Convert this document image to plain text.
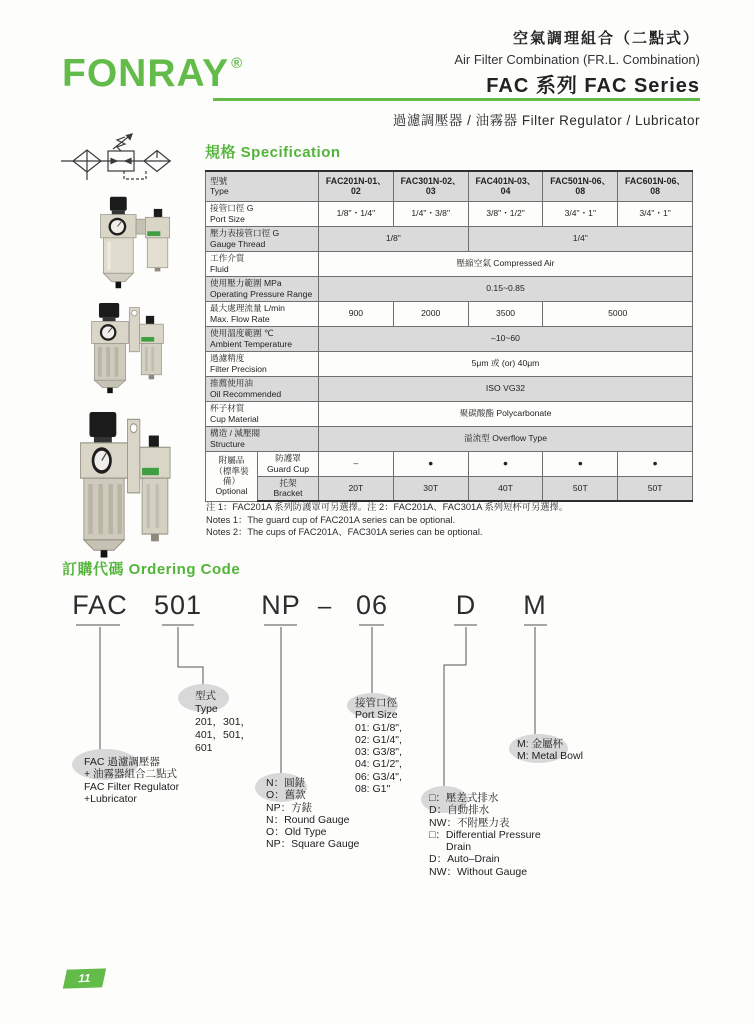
FONRAY ®
空氣調理組合（二點式）
Air Filter Combination (FR.L. Combination)
FAC 系列 FAC Series
過濾調壓器 / 油霧器 Filter Regulator / Lubricator
規格 Specification
型號
Type		FAC201N-01、02	FAC301N-02、03	FAC401N-03、04	FAC501N-06、08	FAC601N-06、08

接管口徑 G
Port Size		1/8"・1/4"	1/4"・3/8"	3/8"・1/2"	3/4"・1"	3/4"・1"

壓力表接管口徑 G
Gauge Thread		1/8"		1/4"		

工作介質
Fluid		壓縮空氣 Compressed Air				

使用壓力範圍 MPa
Operating Pressure Range		0.15~0.85				

最大處理流量 L/min
Max. Flow Rate		900	2000	3500	5000	

使用溫度範圍 ℃
Ambient Temperature		–10~60				

過濾精度
Filter Precision		5μm 或 (or) 40μm				

推薦使用油
Oil Recommended		ISO VG32				

杯子材質
Cup Material		聚碳酸酯 Polycarbonate				

構造 / 減壓閥
Structure		溢流型 Overflow Type				

附屬品
（標準裝備）
Optional	防護罩
Guard Cup	–	●	●	●	●

	托架
Bracket	20T	30T	40T	50T	50T
注 1：FAC201A 系列防護罩可另選擇。注 2：FAC201A、FAC301A 系列短杯可另選擇。
Notes 1：The guard cup of FAC201A series can be optional.
Notes 2：The cups of FAC201A、FAC301A series can be optional.
訂購代碼 Ordering Code
FAC 501 NP – 06	D M
FAC 過濾調壓器
+ 油霧器組合二點式
FAC Filter Regulator
+Lubricator
型式
Type
201，301，
401，501，
601
N：圓錶
O：舊款
NP：方錶
N：Round Gauge
O：Old Type
NP：Square Gauge
接管口徑
Port Size
01: G1/8",
02: G1/4",
03: G3/8",
04: G1/2",
06: G3/4",
08: G1"
□：壓差式排水
D：自動排水
NW：不附壓力表
□：Differential Pressure
Drain
D：Auto–Drain
NW：Without Gauge
M: 金屬杯
M: Metal Bowl
11
